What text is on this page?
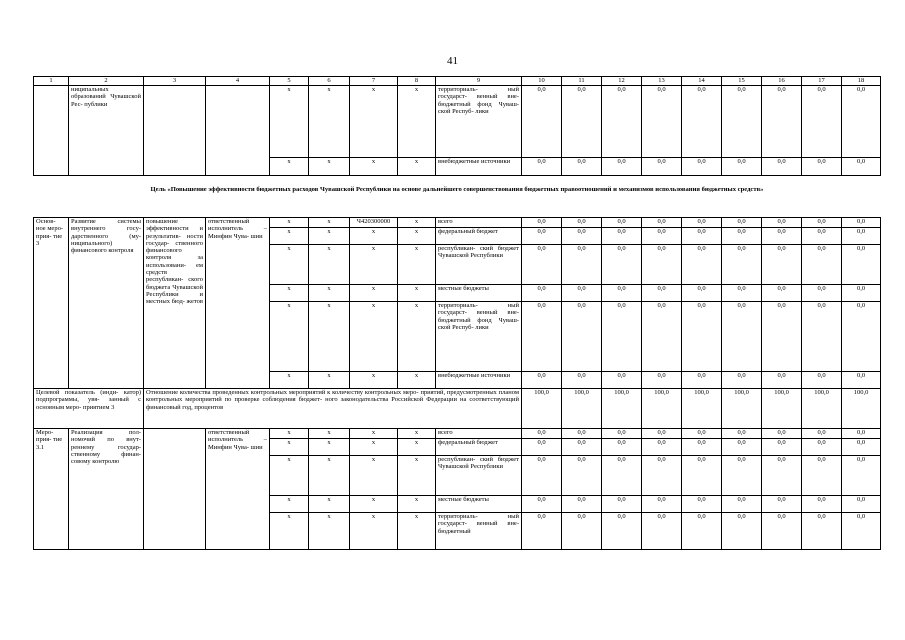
41
1	2	3	4	5	6	7	8	9	10	11	12	13	14	15	16	17	18
	ниципальных образований Чувашской Рес- публики			x	x	x	x	территориаль- ный государст- венный вне- бюджетный фонд Чуваш- ской Респуб- лики	0,0	0,0	0,0	0,0	0,0	0,0	0,0	0,0	0,0
				x	x	x	x	внебюджетные источники	0,0	0,0	0,0	0,0	0,0	0,0	0,0	0,0	0,0
Цель «Повышение эффективности бюджетных расходов Чувашской Республики на основе дальнейшего совершенствования бюджетных правоотношений и механизмов использования бюджетных средств»																	
Основ- ное меро- прия- тие 3	Развитие системы внутреннего госу- дарственного (му- ниципального) финансового контроля	повышение эффективности и результатив- ности государ- ственного финансового контроля за использовани- ем средств республикан- ского бюджета Чувашской Республики и местных бюд- жетов	ответственный исполнитель – Минфин Чува- шии	x	x	Ч420300000	x	всего	0,0	0,0	0,0	0,0	0,0	0,0	0,0	0,0	0,0
				x	x	x	x	федеральный бюджет	0,0	0,0	0,0	0,0	0,0	0,0	0,0	0,0	0,0
				x	x	x	x	республикан- ский бюджет Чувашской Республики	0,0	0,0	0,0	0,0	0,0	0,0	0,0	0,0	0,0
				x	x	x	x	местные бюджеты	0,0	0,0	0,0	0,0	0,0	0,0	0,0	0,0	0,0
				x	x	x	x	территориаль- ный государст- венный вне- бюджетный фонд Чуваш- ской Респуб- лики	0,0	0,0	0,0	0,0	0,0	0,0	0,0	0,0	0,0
				x	x	x	x	внебюджетные источники	0,0	0,0	0,0	0,0	0,0	0,0	0,0	0,0	0,0
Целевой показатель (инди- катор) подпрограммы, увя- занный с основным меро- приятием 3		Отношение количества проведенных контрольных мероприятий к количеству контрольных меро- приятий, предусмотренных планом контрольных мероприятий по проверке соблюдения бюджет- ного законодательства Российской Федерации на соответствующий финансовый год, процентов							100,0	100,0	100,0	100,0	100,0	100,0	100,0	100,0	100,0
Меро- прия- тие 3.1	Реализация пол- номочий по внут- реннему государ- ственному финан- совому контролю		ответственный исполнитель – Минфин Чува- шии	x	x	x	x	всего	0,0	0,0	0,0	0,0	0,0	0,0	0,0	0,0	0,0
				x	x	x	x	федеральный бюджет	0,0	0,0	0,0	0,0	0,0	0,0	0,0	0,0	0,0
				x	x	x	x	республикан- ский бюджет Чувашской Республики	0,0	0,0	0,0	0,0	0,0	0,0	0,0	0,0	0,0
				x	x	x	x	местные бюджеты	0,0	0,0	0,0	0,0	0,0	0,0	0,0	0,0	0,0
				x	x	x	x	территориаль- ный государст- венный вне- бюджетный	0,0	0,0	0,0	0,0	0,0	0,0	0,0	0,0	0,0
